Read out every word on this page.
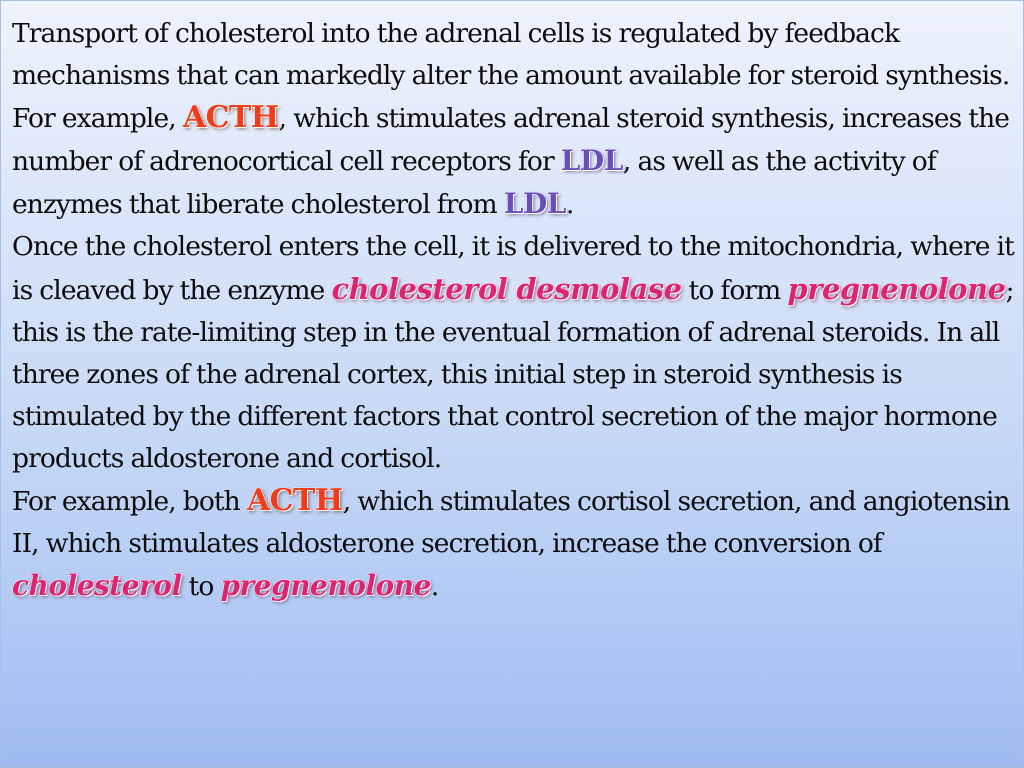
Transport of cholesterol into the adrenal cells is regulated by feedback mechanisms that can markedly alter the amount available for steroid synthesis. For example, ACTH, which stimulates adrenal steroid synthesis, increases the number of adrenocortical cell receptors for LDL, as well as the activity of enzymes that liberate cholesterol from LDL.

Once the cholesterol enters the cell, it is delivered to the mitochondria, where it is cleaved by the enzyme cholesterol desmolase to form pregnenolone; this is the rate-limiting step in the eventual formation of adrenal steroids. In all three zones of the adrenal cortex, this initial step in steroid synthesis is stimulated by the different factors that control secretion of the major hormone products aldosterone and cortisol.

For example, both ACTH, which stimulates cortisol secretion, and angiotensin II, which stimulates aldosterone secretion, increase the conversion of cholesterol to pregnenolone.
